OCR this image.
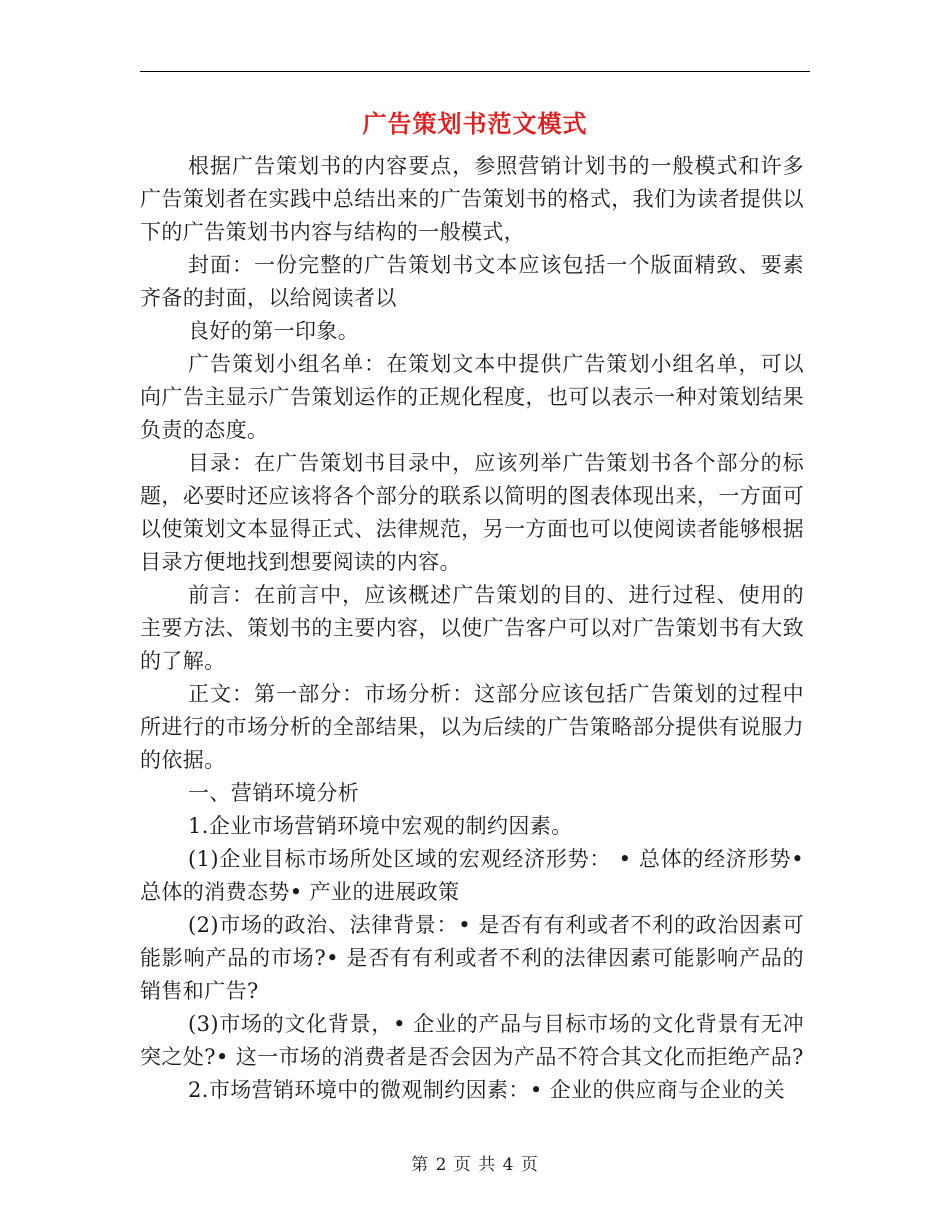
广告策划书范文模式

根据广告策划书的内容要点，参照营销计划书的一般模式和许多广告策划者在实践中总结出来的广告策划书的格式，我们为读者提供以下的广告策划书内容与结构的一般模式，

封面：一份完整的广告策划书文本应该包括一个版面精致、要素齐备的封面，以给阅读者以

良好的第一印象。

广告策划小组名单：在策划文本中提供广告策划小组名单，可以向广告主显示广告策划运作的正规化程度，也可以表示一种对策划结果负责的态度。

目录：在广告策划书目录中，应该列举广告策划书各个部分的标题，必要时还应该将各个部分的联系以简明的图表体现出来，一方面可以使策划文本显得正式、法律规范，另一方面也可以使阅读者能够根据目录方便地找到想要阅读的内容。

前言：在前言中，应该概述广告策划的目的、进行过程、使用的主要方法、策划书的主要内容，以使广告客户可以对广告策划书有大致的了解。

正文：第一部分：市场分析：这部分应该包括广告策划的过程中所进行的市场分析的全部结果，以为后续的广告策略部分提供有说服力的依据。

一、营销环境分析

1.企业市场营销环境中宏观的制约因素。

(1)企业目标市场所处区域的宏观经济形势： • 总体的经济形势• 总体的消费态势• 产业的进展政策

(2)市场的政治、法律背景：• 是否有有利或者不利的政治因素可能影响产品的市场?• 是否有有利或者不利的法律因素可能影响产品的销售和广告?

(3)市场的文化背景，• 企业的产品与目标市场的文化背景有无冲突之处?• 这一市场的消费者是否会因为产品不符合其文化而拒绝产品?

2.市场营销环境中的微观制约因素：• 企业的供应商与企业的关

第 2 页 共 4 页
